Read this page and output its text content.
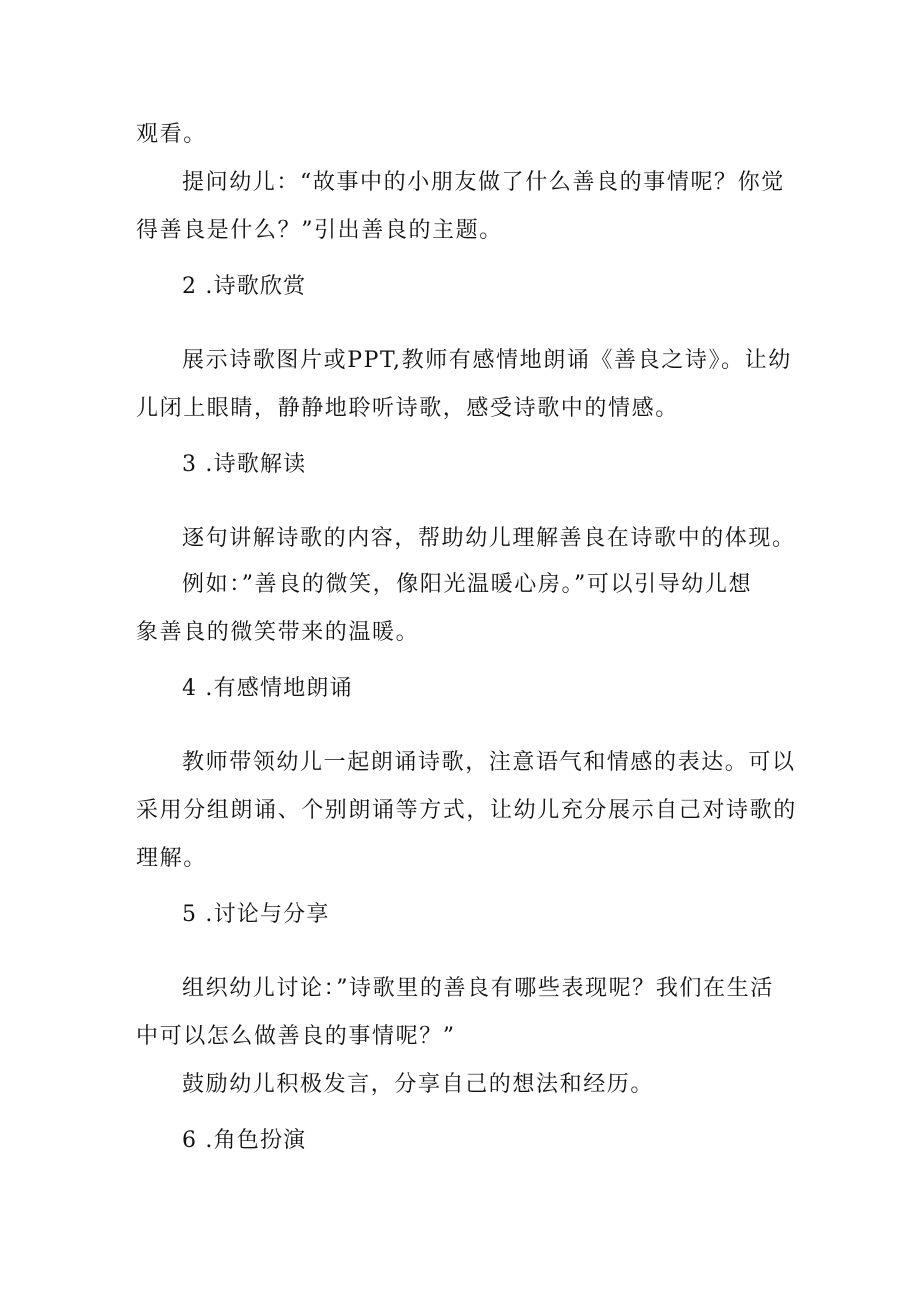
观看。
提问幼儿：“故事中的小朋友做了什么善良的事情呢？你觉
得善良是什么？”引出善良的主题。
2 .诗歌欣赏
展示诗歌图片或PPT,教师有感情地朗诵《善良之诗》。让幼
儿闭上眼睛，静静地聆听诗歌，感受诗歌中的情感。
3 .诗歌解读
逐句讲解诗歌的内容，帮助幼儿理解善良在诗歌中的体现。
例如：”善良的微笑，像阳光温暖心房。”可以引导幼儿想
象善良的微笑带来的温暖。
4 .有感情地朗诵
教师带领幼儿一起朗诵诗歌，注意语气和情感的表达。可以
采用分组朗诵、个别朗诵等方式，让幼儿充分展示自己对诗歌的
理解。
5 .讨论与分享
组织幼儿讨论：”诗歌里的善良有哪些表现呢？我们在生活
中可以怎么做善良的事情呢？”
鼓励幼儿积极发言，分享自己的想法和经历。
6 .角色扮演
